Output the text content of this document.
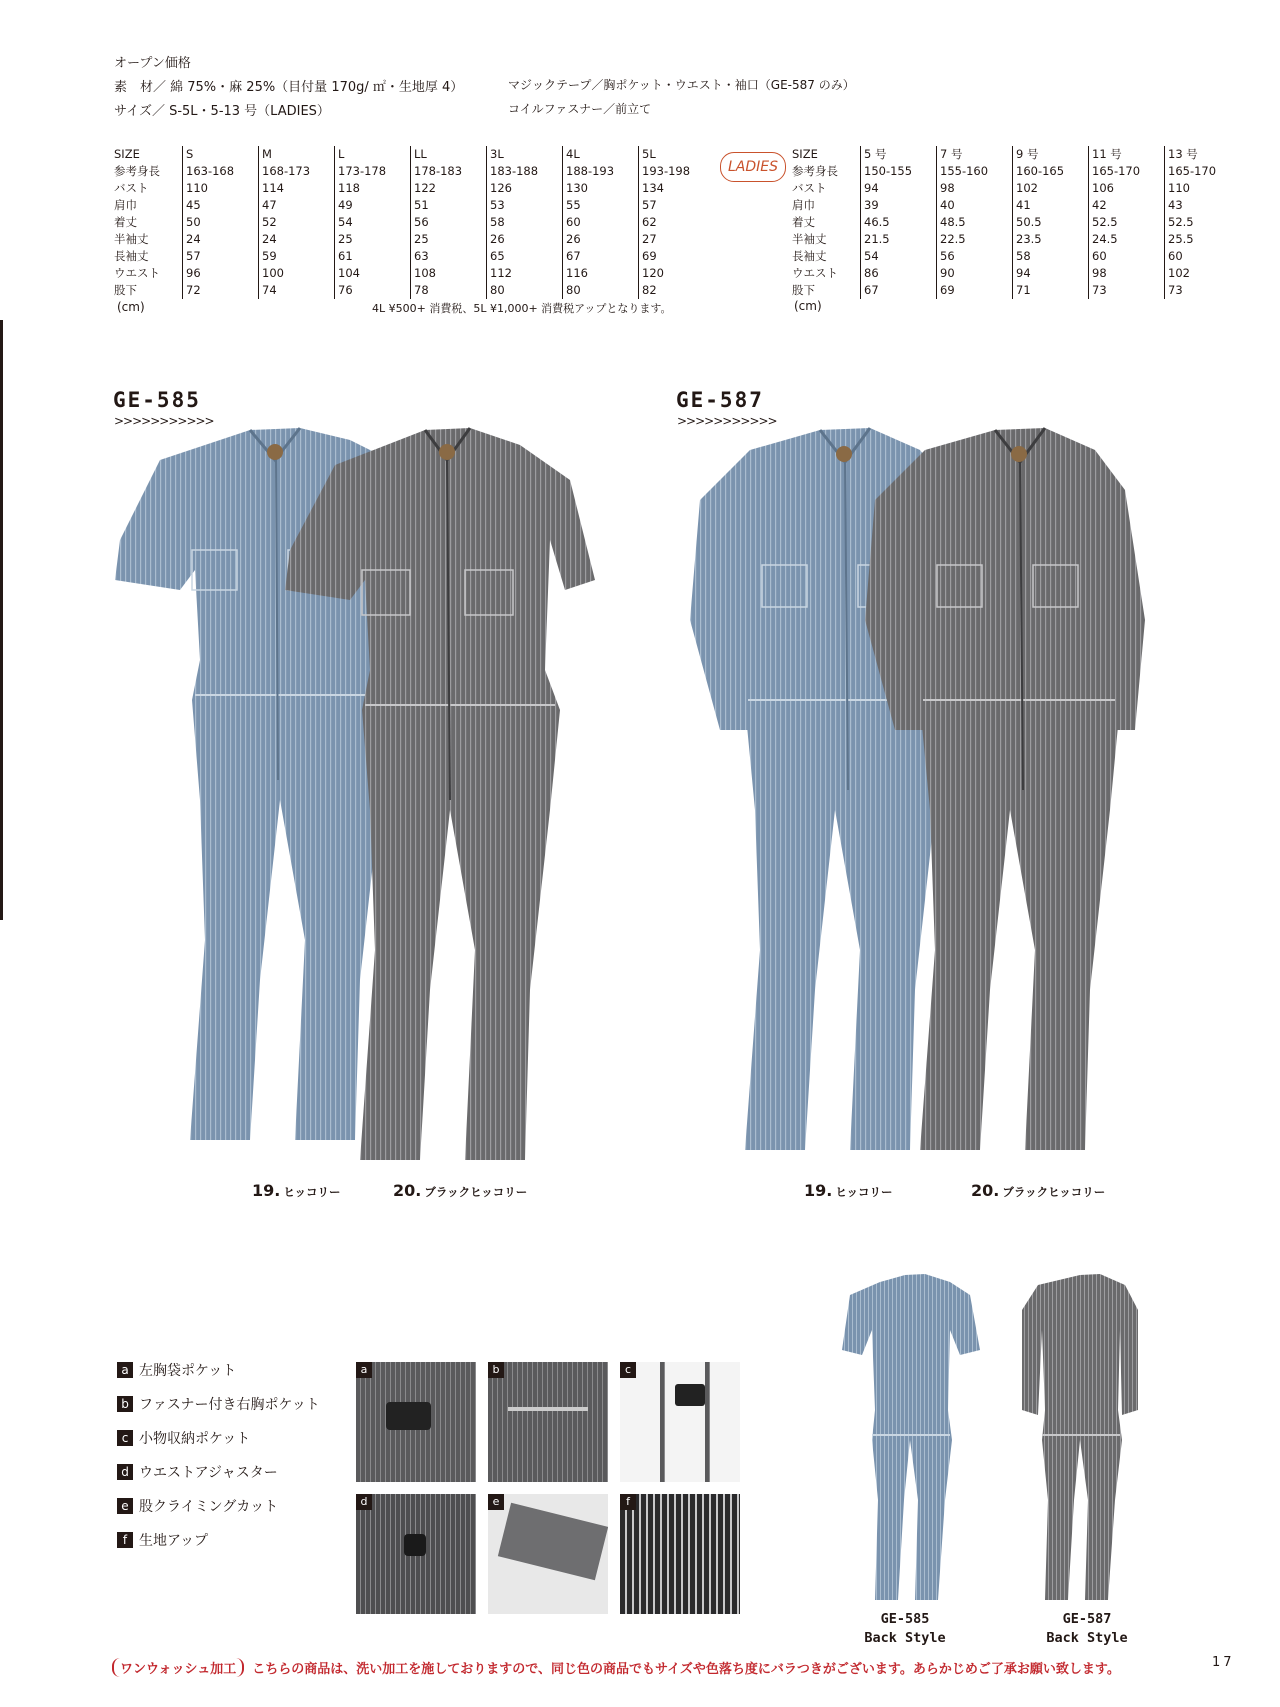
オープン価格
素　材／ 綿 75%・麻 25%（目付量 170g/ ㎡・生地厚 4）
サイズ／ S-5L・5-13 号（LADIES）
マジックテープ／胸ポケット・ウエスト・袖口（GE-587 のみ）
コイルファスナー／前立て
SIZE	S	M	L	LL	3L	4L	5L
参考身長	163-168	168-173	173-178	178-183	183-188	188-193	193-198
バスト	110	114	118	122	126	130	134
肩巾	45	47	49	51	53	55	57
着丈	50	52	54	56	58	60	62
半袖丈	24	24	25	25	26	26	27
長袖丈	57	59	61	63	65	67	69
ウエスト	96	100	104	108	112	116	120
股下	72	74	76	78	80	80	82
(cm)	4L ¥500+ 消費税、5L ¥1,000+ 消費税アップとなります。
LADIES
SIZE	5 号	7 号	9 号	11 号	13 号
参考身長	150-155	155-160	160-165	165-170	165-170
バスト	94	98	102	106	110
肩巾	39	40	41	42	43
着丈	46.5	48.5	50.5	52.5	52.5
半袖丈	21.5	22.5	23.5	24.5	25.5
長袖丈	54	56	58	60	60
ウエスト	86	90	94	98	102
股下	67	69	71	73	73
(cm)
GE-585
>>>>>>>>>>>
GE-587
>>>>>>>>>>>
19. ヒッコリー	20. ブラックヒッコリー	19. ヒッコリー	20. ブラックヒッコリー
a 左胸袋ポケット
b ファスナー付き右胸ポケット
c 小物収納ポケット
d ウエストアジャスター
e 股クライミングカット
f 生地アップ
a	b	c
d	e	f
GE-585
Back Style
GE-587
Back Style
ワンウォッシュ加工 こちらの商品は、洗い加工を施しておりますので、同じ色の商品でもサイズや色落ち度にバラつきがございます。あらかじめご了承お願い致します。	17
